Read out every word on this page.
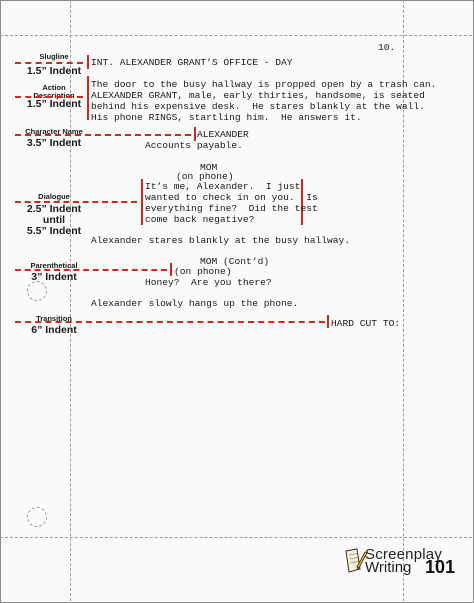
10.
Slugline
1.5” Indent
Action
Description
1.5” Indent
Character Name
3.5” Indent
Dialogue
2.5” Indent
until
5.5” Indent
Parenthetical
3” Indent
Transition
6” Indent
INT. ALEXANDER GRANT’S OFFICE - DAY
The door to the busy hallway is propped open by a trash can.
ALEXANDER GRANT, male, early thirties, handsome, is seated
behind his expensive desk.  He stares blankly at the wall.
His phone RINGS, startling him.  He answers it.
ALEXANDER
Accounts payable.
MOM
(on phone)
It’s me, Alexander.  I just
wanted to check in on you.  Is
everything fine?  Did the test
come back negative?
Alexander stares blankly at the busy hallway.
MOM (Cont’d)
(on phone)
Honey?  Are you there?
Alexander slowly hangs up the phone.
HARD CUT TO:
Screenplay
Writing 101
